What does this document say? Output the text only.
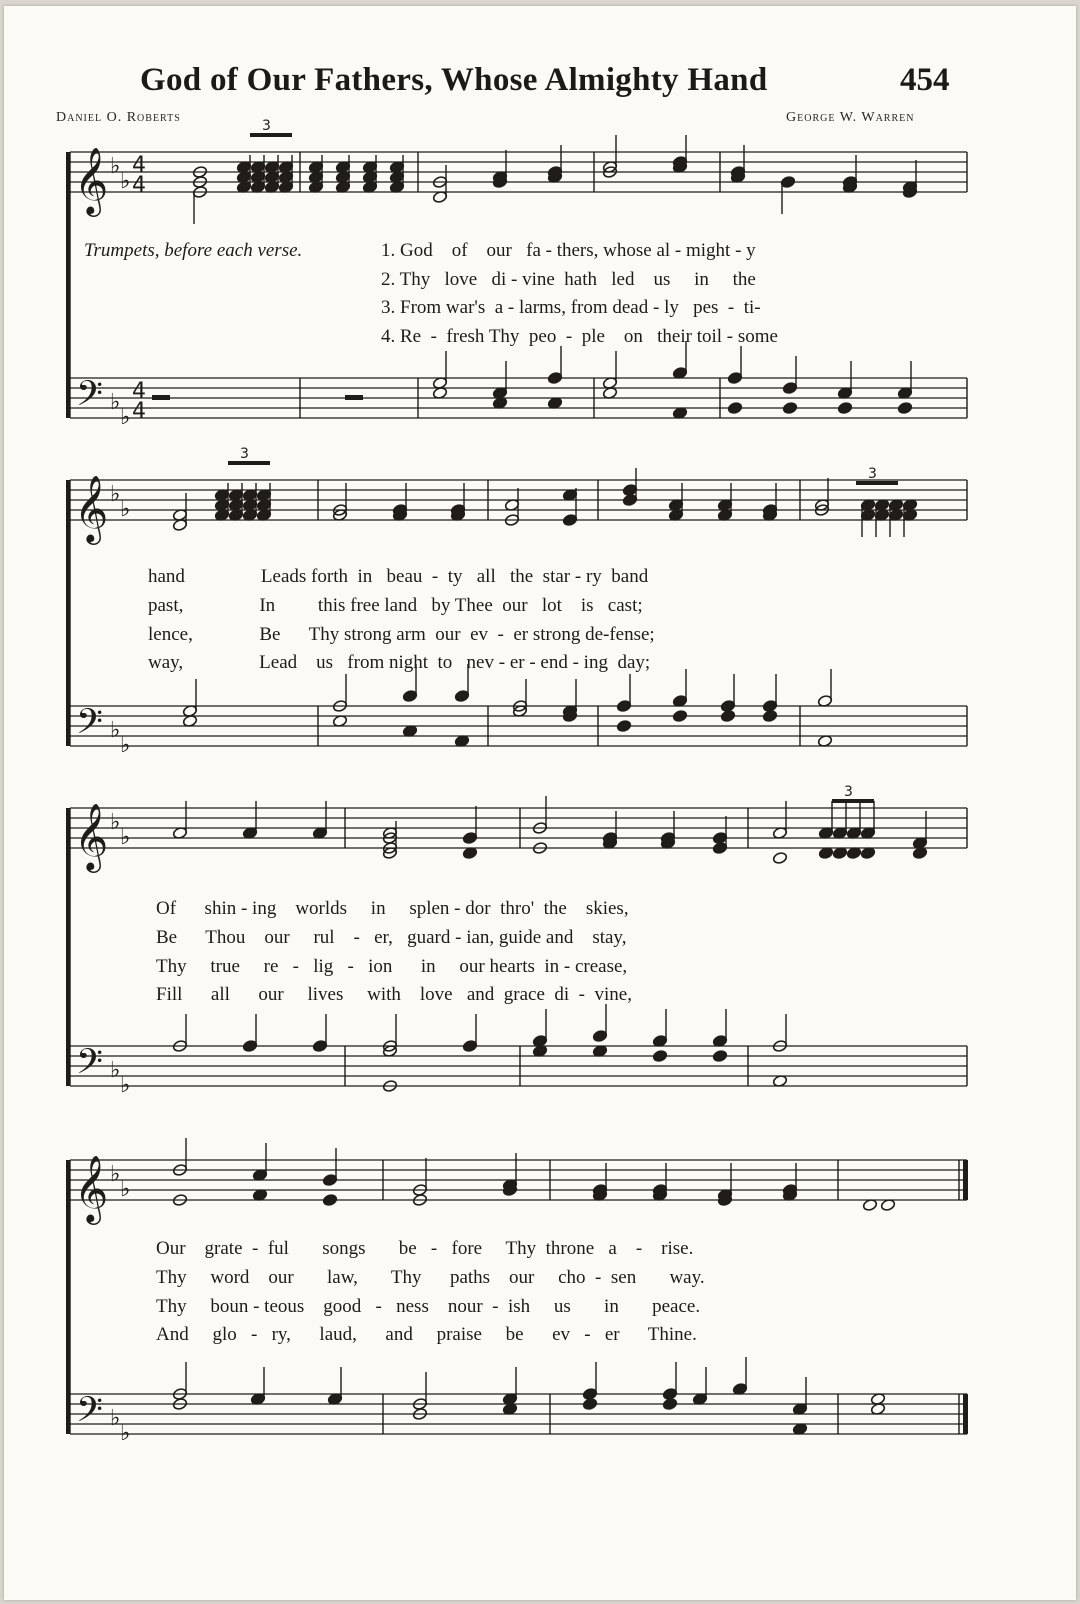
God of Our Fathers, Whose Almighty Hand	454
Daniel O. Roberts	George W. Warren
𝄞
𝄢
♭
♭
♭
♭
4
4
4
4
𝄞
𝄢
♭
♭
♭
♭
𝄞
𝄢
♭
♭
♭
♭
𝄞
𝄢
♭
♭
♭
♭
3
3
3
3
Trumpets, before each verse.	1. God    of    our   fa - thers, whose al - might - y
2. Thy   love   di - vine  hath   led    us     in     the
3. From war's  a - larms, from dead - ly   pes  -  ti-
4. Re  -  fresh Thy  peo  -  ple    on   their toil - some
hand                Leads forth  in   beau  -  ty   all   the  star - ry  band
past,                In         this free land   by Thee  our   lot    is   cast;
lence,              Be      Thy strong arm  our  ev  -  er strong de-fense;
way,                Lead    us   from night  to   nev - er - end - ing  day;
Of      shin - ing    worlds     in     splen - dor  thro'  the    skies,
Be      Thou    our     rul    -   er,   guard - ian, guide and    stay,
Thy     true     re   -   lig   -   ion      in     our hearts  in - crease,
Fill      all      our     lives     with    love   and  grace  di  -  vine,
Our    grate  -  ful       songs       be   -   fore     Thy  throne   a    -    rise.
Thy     word    our       law,       Thy      paths    our     cho  -  sen       way.
Thy     boun - teous    good   -   ness    nour  -  ish     us       in       peace.
And     glo   -   ry,      laud,      and     praise     be      ev   -   er      Thine.
